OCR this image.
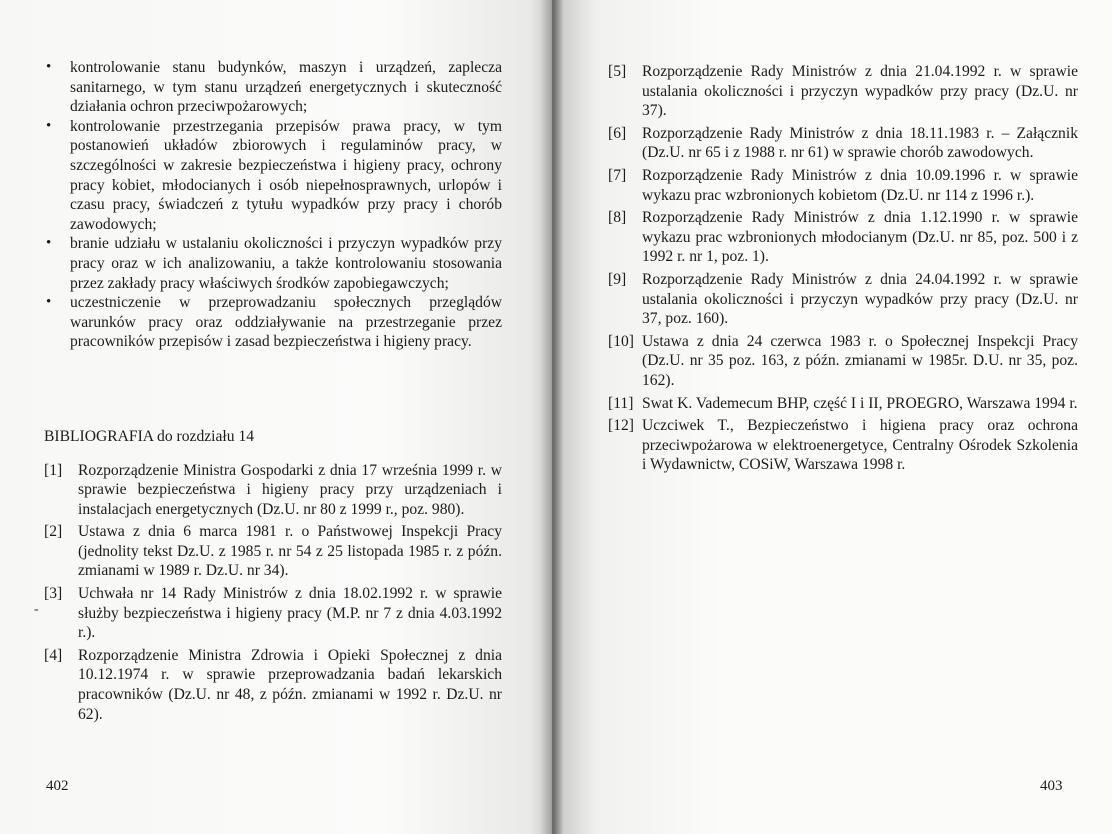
• kontrolowanie stanu budynków, maszyn i urządzeń, zaplecza sanitarnego, w tym stanu urządzeń energetycznych i skuteczność działania ochron przeciwpożarowych;
• kontrolowanie przestrzegania przepisów prawa pracy, w tym postanowień układów zbiorowych i regulaminów pracy, w szczególności w zakresie bezpieczeństwa i higieny pracy, ochrony pracy kobiet, młodocianych i osób niepełnosprawnych, urlopów i czasu pracy, świadczeń z tytułu wypadków przy pracy i chorób zawodowych;
• branie udziału w ustalaniu okoliczności i przyczyn wypadków przy pracy oraz w ich analizowaniu, a także kontrolowaniu stosowania przez zakłady pracy właściwych środków zapobiegawczych;
• uczestniczenie w przeprowadzaniu społecznych przeglądów warunków pracy oraz oddziaływanie na przestrzeganie przez pracowników przepisów i zasad bezpieczeństwa i higieny pracy.
BIBLIOGRAFIA do rozdziału 14
[1] Rozporządzenie Ministra Gospodarki z dnia 17 września 1999 r. w sprawie bezpieczeństwa i higieny pracy przy urządzeniach i instalacjach energetycznych (Dz.U. nr 80 z 1999 r., poz. 980).
[2] Ustawa z dnia 6 marca 1981 r. o Państwowej Inspekcji Pracy (jednolity tekst Dz.U. z 1985 r. nr 54 z 25 listopada 1985 r. z późn. zmianami w 1989 r. Dz.U. nr 34).
[3] Uchwała nr 14 Rady Ministrów z dnia 18.02.1992 r. w sprawie służby bezpieczeństwa i higieny pracy (M.P. nr 7 z dnia 4.03.1992 r.).
[4] Rozporządzenie Ministra Zdrowia i Opieki Społecznej z dnia 10.12.1974 r. w sprawie przeprowadzania badań lekarskich pracowników (Dz.U. nr 48, z późn. zmianami w 1992 r. Dz.U. nr 62).
-
402
[5] Rozporządzenie Rady Ministrów z dnia 21.04.1992 r. w sprawie ustalania okoliczności i przyczyn wypadków przy pracy (Dz.U. nr 37).
[6] Rozporządzenie Rady Ministrów z dnia 18.11.1983 r. – Załącznik (Dz.U. nr 65 i z 1988 r. nr 61) w sprawie chorób zawodowych.
[7] Rozporządzenie Rady Ministrów z dnia 10.09.1996 r. w sprawie wykazu prac wzbronionych kobietom (Dz.U. nr 114 z 1996 r.).
[8] Rozporządzenie Rady Ministrów z dnia 1.12.1990 r. w sprawie wykazu prac wzbronionych młodocianym (Dz.U. nr 85, poz. 500 i z 1992 r. nr 1, poz. 1).
[9] Rozporządzenie Rady Ministrów z dnia 24.04.1992 r. w sprawie ustalania okoliczności i przyczyn wypadków przy pracy (Dz.U. nr 37, poz. 160).
[10] Ustawa z dnia 24 czerwca 1983 r. o Społecznej Inspekcji Pracy (Dz.U. nr 35 poz. 163, z późn. zmianami w 1985r. D.U. nr 35, poz. 162).
[11] Swat K. Vademecum BHP, część I i II, PROEGRO, Warszawa 1994 r.
[12] Uczciwek T., Bezpieczeństwo i higiena pracy oraz ochrona przeciwpożarowa w elektroenergetyce, Centralny Ośrodek Szkolenia i Wydawnictw, COSiW, Warszawa 1998 r.
403
